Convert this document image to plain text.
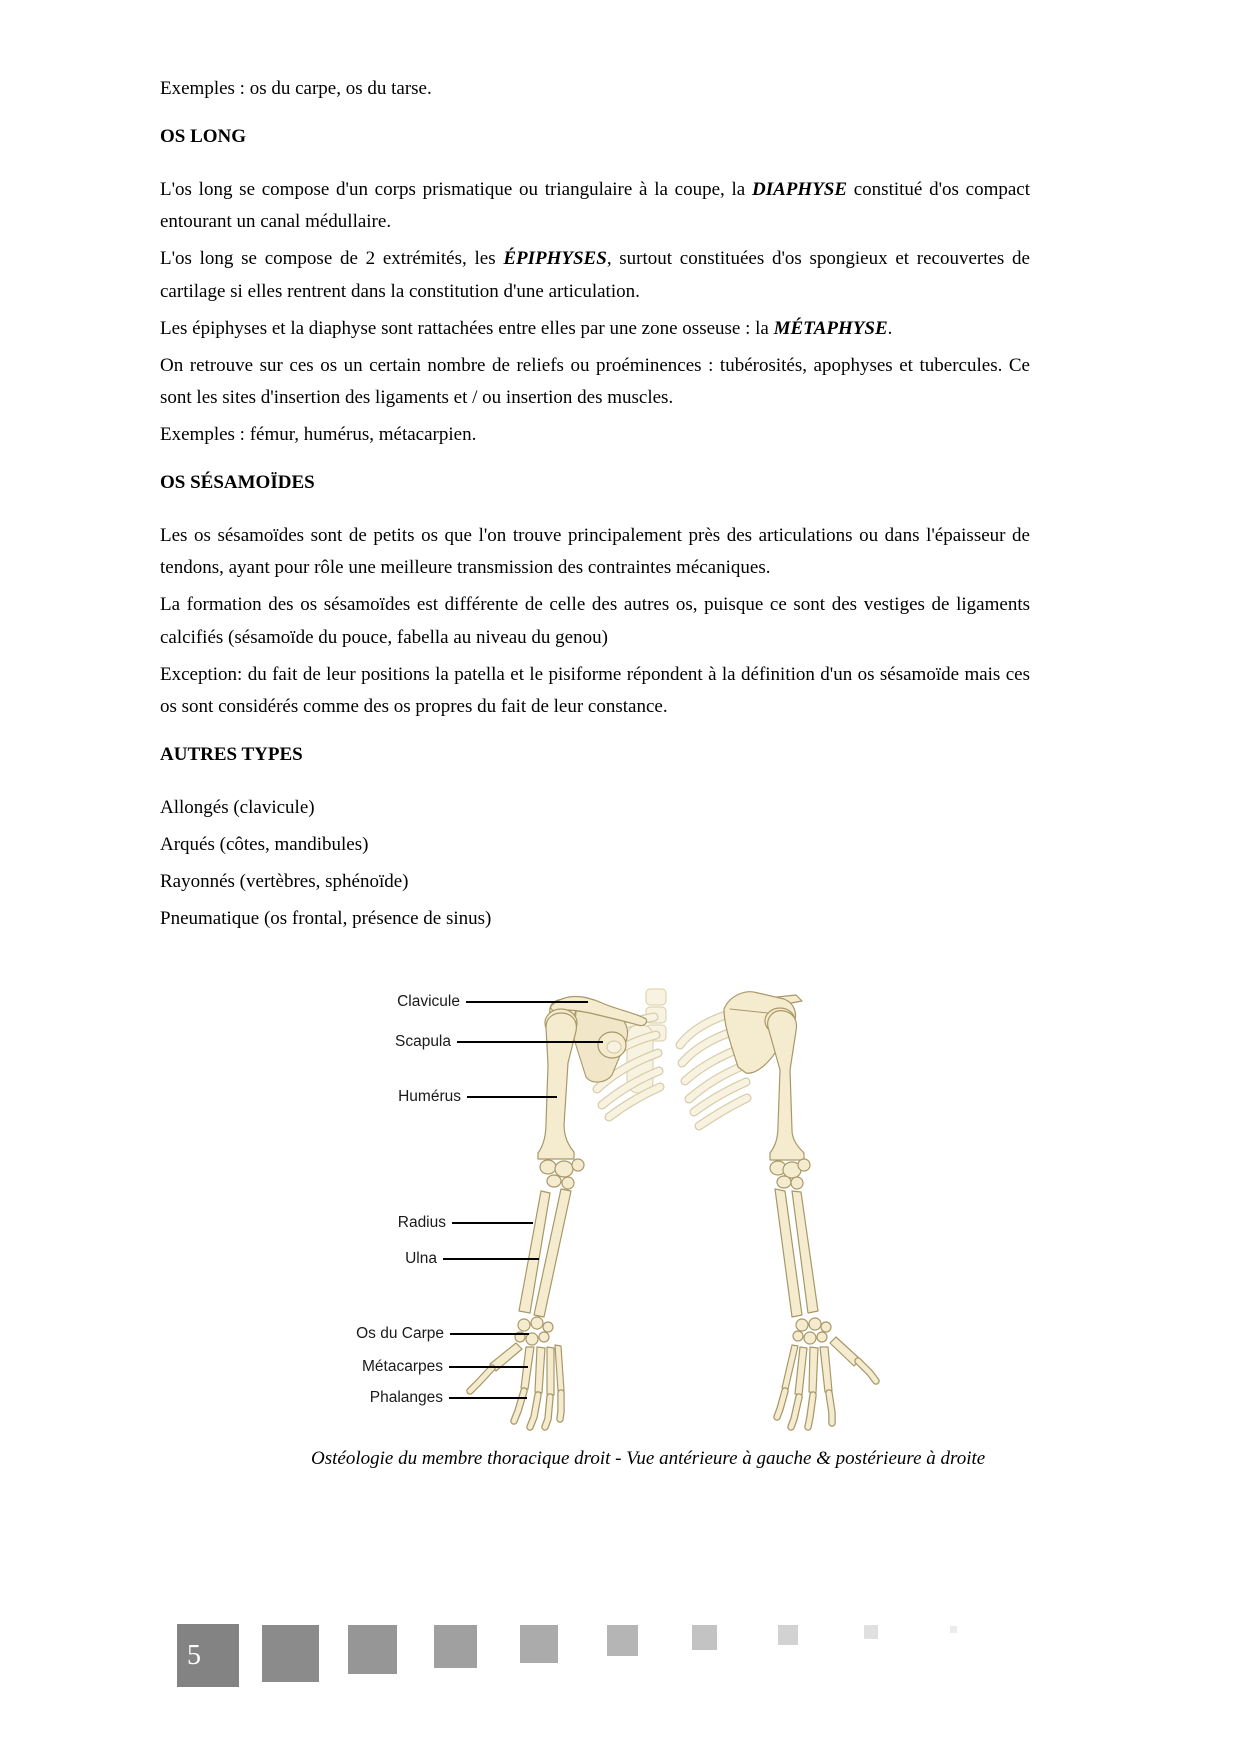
Exemples : os du carpe, os du tarse.

OS LONG

L'os long se compose d'un corps prismatique ou triangulaire à la coupe, la DIAPHYSE constitué d'os compact entourant un canal médullaire.

L'os long se compose de 2 extrémités, les ÉPIPHYSES, surtout constituées d'os spongieux et recouvertes de cartilage si elles rentrent dans la constitution d'une articulation.

Les épiphyses et la diaphyse sont rattachées entre elles par une zone osseuse : la MÉTAPHYSE.

On retrouve sur ces os un certain nombre de reliefs ou proéminences : tubérosités, apophyses et tubercules. Ce sont les sites d'insertion des ligaments et / ou insertion des muscles.

Exemples : fémur, humérus, métacarpien.

OS SÉSAMOÏDES

Les os sésamoïdes sont de petits os que l'on trouve principalement près des articulations ou dans l'épaisseur de tendons, ayant pour rôle une meilleure transmission des contraintes mécaniques.

La formation des os sésamoïdes est différente de celle des autres os, puisque ce sont des vestiges de ligaments calcifiés (sésamoïde du pouce, fabella au niveau du genou)

Exception: du fait de leur positions la patella et le pisiforme répondent à la définition d'un os sésamoïde mais ces os sont considérés comme des os propres du fait de leur constance.

AUTRES TYPES

Allongés (clavicule)

Arqués (côtes, mandibules)

Rayonnés (vertèbres, sphénoïde)

Pneumatique (os frontal, présence de sinus)

Clavicule
Scapula
Humérus
Radius
Ulna
Os du Carpe
Métacarpes
Phalanges
Ostéologie du membre thoracique droit - Vue antérieure à gauche & postérieure à droite
5
